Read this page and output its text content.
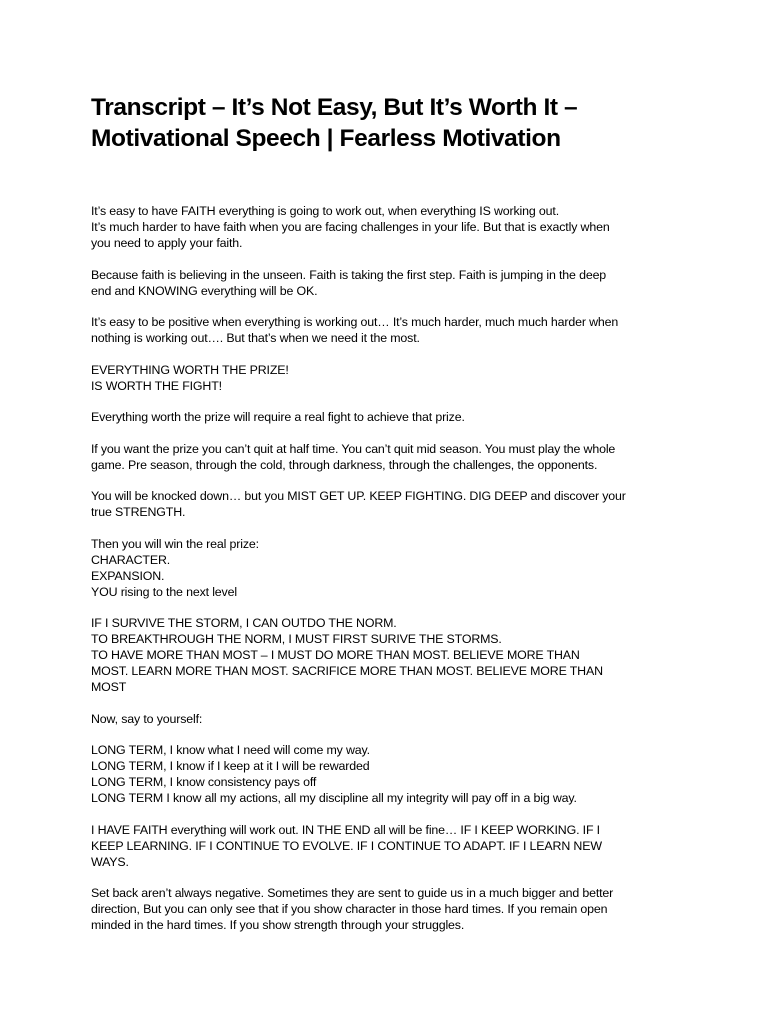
Transcript – It’s Not Easy, But It’s Worth It –
Motivational Speech | Fearless Motivation

It’s easy to have FAITH everything is going to work out, when everything IS working out.
It’s much harder to have faith when you are facing challenges in your life. But that is exactly when
you need to apply your faith.

Because faith is believing in the unseen. Faith is taking the first step. Faith is jumping in the deep
end and KNOWING everything will be OK.

It’s easy to be positive when everything is working out… It’s much harder, much much harder when
nothing is working out…. But that’s when we need it the most.

EVERYTHING WORTH THE PRIZE!
IS WORTH THE FIGHT!

Everything worth the prize will require a real fight to achieve that prize.

If you want the prize you can’t quit at half time. You can’t quit mid season. You must play the whole
game. Pre season, through the cold, through darkness, through the challenges, the opponents.

You will be knocked down… but you MIST GET UP. KEEP FIGHTING. DIG DEEP and discover your
true STRENGTH.

Then you will win the real prize:
CHARACTER.
EXPANSION.
YOU rising to the next level

IF I SURVIVE THE STORM, I CAN OUTDO THE NORM.
TO BREAKTHROUGH THE NORM, I MUST FIRST SURIVE THE STORMS.
TO HAVE MORE THAN MOST – I MUST DO MORE THAN MOST. BELIEVE MORE THAN
MOST. LEARN MORE THAN MOST. SACRIFICE MORE THAN MOST. BELIEVE MORE THAN
MOST

Now, say to yourself:

LONG TERM, I know what I need will come my way.
LONG TERM, I know if I keep at it I will be rewarded
LONG TERM, I know consistency pays off
LONG TERM I know all my actions, all my discipline all my integrity will pay off in a big way.

I HAVE FAITH everything will work out. IN THE END all will be fine… IF I KEEP WORKING. IF I
KEEP LEARNING. IF I CONTINUE TO EVOLVE. IF I CONTINUE TO ADAPT. IF I LEARN NEW
WAYS.

Set back aren’t always negative. Sometimes they are sent to guide us in a much bigger and better
direction, But you can only see that if you show character in those hard times. If you remain open
minded in the hard times. If you show strength through your struggles.
